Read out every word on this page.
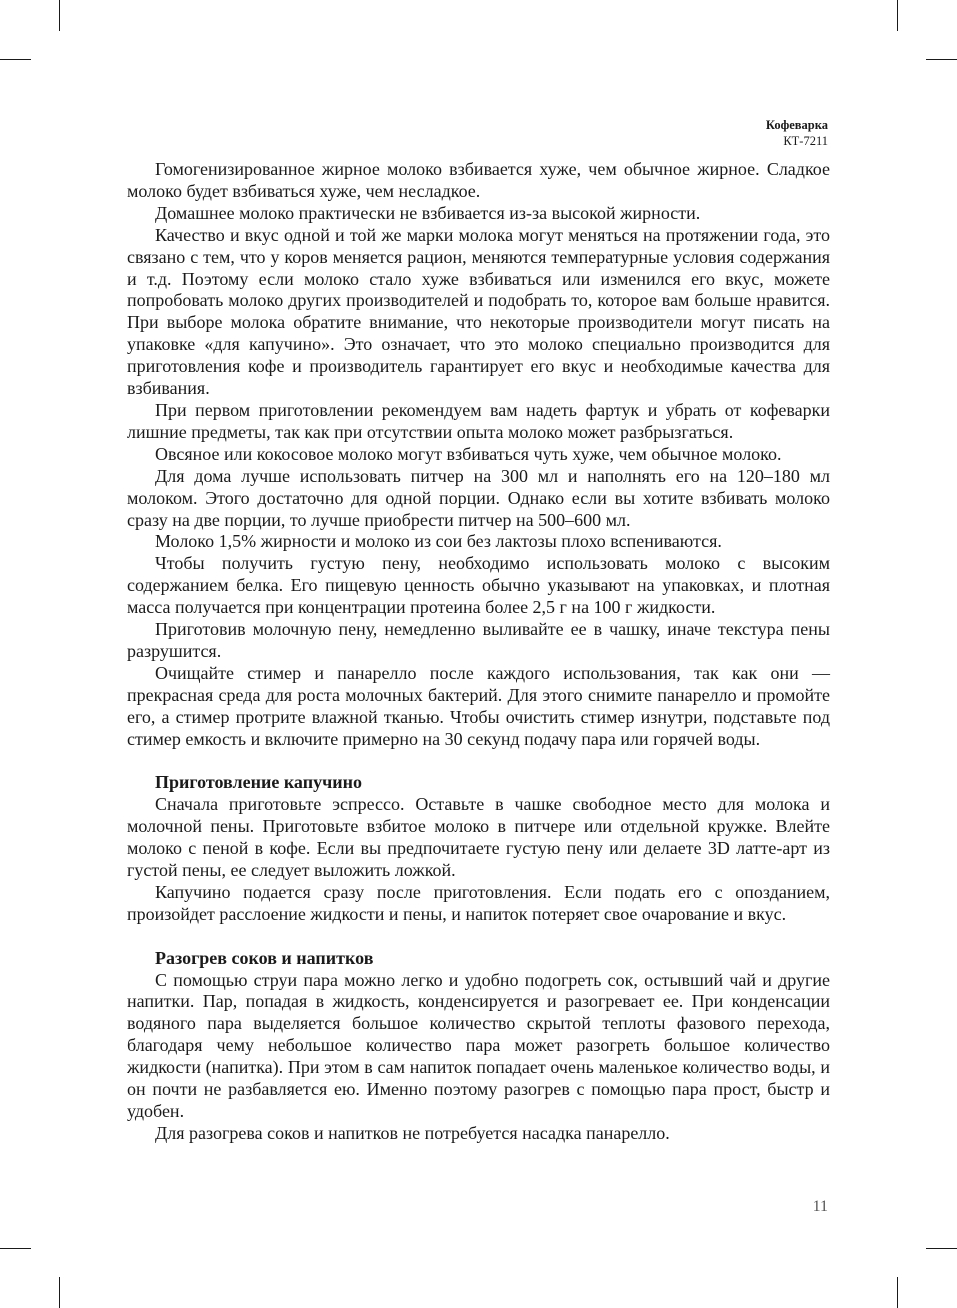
Кофеварка
КТ-7211

Гомогенизированное жирное молоко взбивается хуже, чем обычное жирное. Сладкое молоко будет взбиваться хуже, чем несладкое.

Домашнее молоко практически не взбивается из-за высокой жирности.

Качество и вкус одной и той же марки молока могут меняться на протяжении года, это связано с тем, что у коров меняется рацион, меняются температурные условия содержания и т.д. Поэтому если молоко стало хуже взбиваться или изменился его вкус, можете попробовать молоко других производителей и подобрать то, которое вам больше нравится. При выборе молока обратите внимание, что некоторые производители могут писать на упаковке «для капучино». Это означает, что это молоко специально производится для приготовления кофе и производитель гарантирует его вкус и необходимые качества для взбивания.

При первом приготовлении рекомендуем вам надеть фартук и убрать от кофеварки лишние предметы, так как при отсутствии опыта молоко может разбрызгаться.

Овсяное или кокосовое молоко могут взбиваться чуть хуже, чем обычное молоко.

Для дома лучше использовать питчер на 300 мл и наполнять его на 120–180 мл молоком. Этого достаточно для одной порции. Однако если вы хотите взбивать молоко сразу на две порции, то лучше приобрести питчер на 500–600 мл.

Молоко 1,5% жирности и молоко из сои без лактозы плохо вспениваются.

Чтобы получить густую пену, необходимо использовать молоко с высоким содержанием белка. Его пищевую ценность обычно указывают на упаковках, и плотная масса получается при концентрации протеина более 2,5 г на 100 г жидкости.

Приготовив молочную пену, немедленно выливайте ее в чашку, иначе текстура пены разрушится.

Очищайте стимер и панарелло после каждого использования, так как они — прекрасная среда для роста молочных бактерий. Для этого снимите панарелло и промойте его, а стимер протрите влажной тканью. Чтобы очистить стимер изнутри, подставьте под стимер емкость и включите примерно на 30 секунд подачу пара или горячей воды.

Приготовление капучино

Сначала приготовьте эспрессо. Оставьте в чашке свободное место для молока и молочной пены. Приготовьте взбитое молоко в питчере или отдельной кружке. Влейте молоко с пеной в кофе. Если вы предпочитаете густую пену или делаете 3D латте-арт из густой пены, ее следует выложить ложкой.

Капучино подается сразу после приготовления. Если подать его с опозданием, произойдет расслоение жидкости и пены, и напиток потеряет свое очарование и вкус.

Разогрев соков и напитков

С помощью струи пара можно легко и удобно подогреть сок, остывший чай и другие напитки. Пар, попадая в жидкость, конденсируется и разогревает ее. При конденсации водяного пара выделяется большое количество скрытой теплоты фазового перехода, благодаря чему небольшое количество пара может разогреть большое количество жидкости (напитка). При этом в сам напиток попадает очень маленькое количество воды, и он почти не разбавляется ею. Именно поэтому разогрев с помощью пара прост, быстр и удобен.

Для разогрева соков и напитков не потребуется насадка панарелло.

11
